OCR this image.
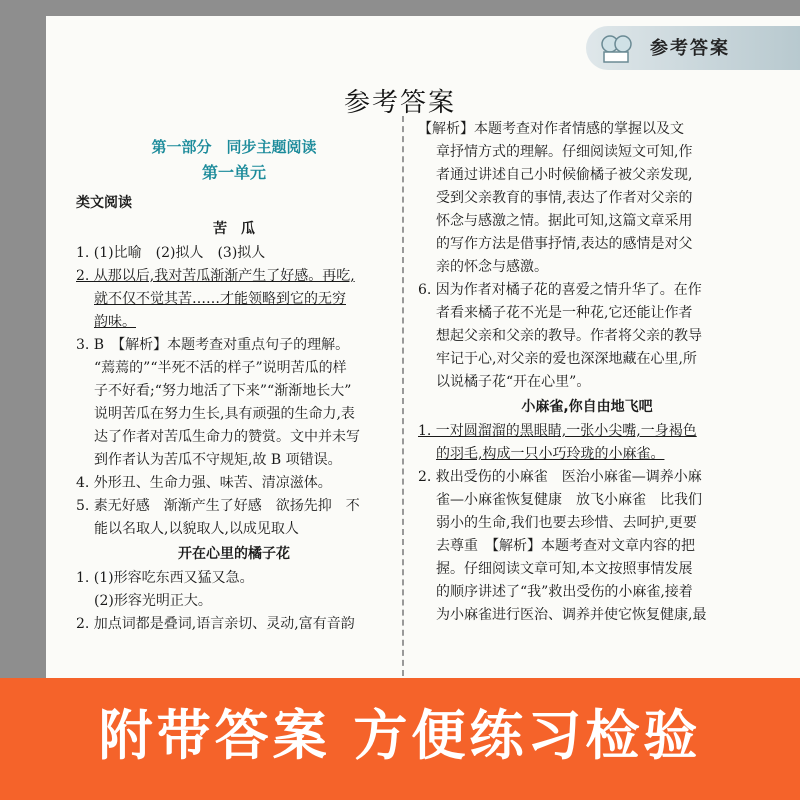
参考答案
参考答案
第一部分　同步主题阅读
第一单元
类文阅读
苦　瓜

1. (1)比喻　(2)拟人　(3)拟人

2. 从那以后,我对苦瓜渐渐产生了好感。再吃,

就不仅不觉其苦……才能领略到它的无穷

韵味。

3. B　【解析】本题考查对重点句子的理解。

“蔫蔫的”“半死不活的样子”说明苦瓜的样

子不好看;“努力地活了下来”“渐渐地长大”

说明苦瓜在努力生长,具有顽强的生命力,表

达了作者对苦瓜生命力的赞赏。文中并未写

到作者认为苦瓜不守规矩,故 B 项错误。

4. 外形丑、生命力强、味苦、清凉滋体。

5. 素无好感　渐渐产生了好感　欲扬先抑　不

能以名取人,以貌取人,以成见取人

开在心里的橘子花

1. (1)形容吃东西又猛又急。

(2)形容光明正大。

2. 加点词都是叠词,语言亲切、灵动,富有音韵

【解析】本题考查对作者情感的掌握以及文

章抒情方式的理解。仔细阅读短文可知,作

者通过讲述自己小时候偷橘子被父亲发现,

受到父亲教育的事情,表达了作者对父亲的

怀念与感激之情。据此可知,这篇文章采用

的写作方法是借事抒情,表达的感情是对父

亲的怀念与感激。

6. 因为作者对橘子花的喜爱之情升华了。在作

者看来橘子花不光是一种花,它还能让作者

想起父亲和父亲的教导。作者将父亲的教导

牢记于心,对父亲的爱也深深地藏在心里,所

以说橘子花“开在心里”。

小麻雀,你自由地飞吧

1. 一对圆溜溜的黑眼睛,一张小尖嘴,一身褐色

的羽毛,构成一只小巧玲珑的小麻雀。

2. 救出受伤的小麻雀　医治小麻雀—调养小麻

雀—小麻雀恢复健康　放飞小麻雀　比我们

弱小的生命,我们也要去珍惜、去呵护,更要

去尊重　【解析】本题考查对文章内容的把

握。仔细阅读文章可知,本文按照事情发展

的顺序讲述了“我”救出受伤的小麻雀,接着

为小麻雀进行医治、调养并使它恢复健康,最

附带答案 方便练习检验
